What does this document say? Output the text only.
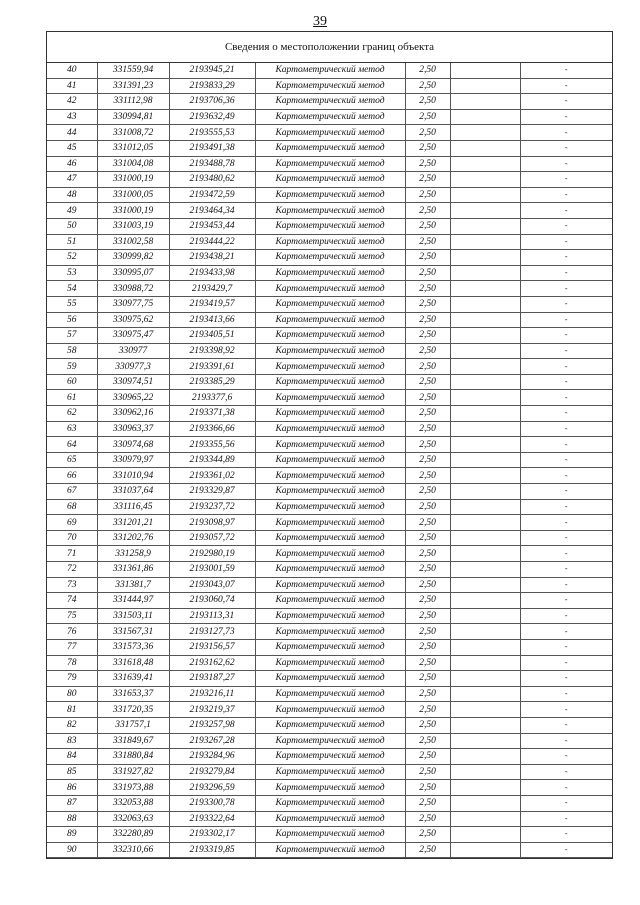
39
Сведения о местоположении границ объекта
40	331559,94	2193945,21	Картометрический метод	2,50		-
41	331391,23	2193833,29	Картометрический метод	2,50		-
42	331112,98	2193706,36	Картометрический метод	2,50		-
43	330994,81	2193632,49	Картометрический метод	2,50		-
44	331008,72	2193555,53	Картометрический метод	2,50		-
45	331012,05	2193491,38	Картометрический метод	2,50		-
46	331004,08	2193488,78	Картометрический метод	2,50		-
47	331000,19	2193480,62	Картометрический метод	2,50		-
48	331000,05	2193472,59	Картометрический метод	2,50		-
49	331000,19	2193464,34	Картометрический метод	2,50		-
50	331003,19	2193453,44	Картометрический метод	2,50		-
51	331002,58	2193444,22	Картометрический метод	2,50		-
52	330999,82	2193438,21	Картометрический метод	2,50		-
53	330995,07	2193433,98	Картометрический метод	2,50		-
54	330988,72	2193429,7	Картометрический метод	2,50		-
55	330977,75	2193419,57	Картометрический метод	2,50		-
56	330975,62	2193413,66	Картометрический метод	2,50		-
57	330975,47	2193405,51	Картометрический метод	2,50		-
58	330977	2193398,92	Картометрический метод	2,50		-
59	330977,3	2193391,61	Картометрический метод	2,50		-
60	330974,51	2193385,29	Картометрический метод	2,50		-
61	330965,22	2193377,6	Картометрический метод	2,50		-
62	330962,16	2193371,38	Картометрический метод	2,50		-
63	330963,37	2193366,66	Картометрический метод	2,50		-
64	330974,68	2193355,56	Картометрический метод	2,50		-
65	330979,97	2193344,89	Картометрический метод	2,50		-
66	331010,94	2193361,02	Картометрический метод	2,50		-
67	331037,64	2193329,87	Картометрический метод	2,50		-
68	331116,45	2193237,72	Картометрический метод	2,50		-
69	331201,21	2193098,97	Картометрический метод	2,50		-
70	331202,76	2193057,72	Картометрический метод	2,50		-
71	331258,9	2192980,19	Картометрический метод	2,50		-
72	331361,86	2193001,59	Картометрический метод	2,50		-
73	331381,7	2193043,07	Картометрический метод	2,50		-
74	331444,97	2193060,74	Картометрический метод	2,50		-
75	331503,11	2193113,31	Картометрический метод	2,50		-
76	331567,31	2193127,73	Картометрический метод	2,50		-
77	331573,36	2193156,57	Картометрический метод	2,50		-
78	331618,48	2193162,62	Картометрический метод	2,50		-
79	331639,41	2193187,27	Картометрический метод	2,50		-
80	331653,37	2193216,11	Картометрический метод	2,50		-
81	331720,35	2193219,37	Картометрический метод	2,50		-
82	331757,1	2193257,98	Картометрический метод	2,50		-
83	331849,67	2193267,28	Картометрический метод	2,50		-
84	331880,84	2193284,96	Картометрический метод	2,50		-
85	331927,82	2193279,84	Картометрический метод	2,50		-
86	331973,88	2193296,59	Картометрический метод	2,50		-
87	332053,88	2193300,78	Картометрический метод	2,50		-
88	332063,63	2193322,64	Картометрический метод	2,50		-
89	332280,89	2193302,17	Картометрический метод	2,50		-
90	332310,66	2193319,85	Картометрический метод	2,50		-
